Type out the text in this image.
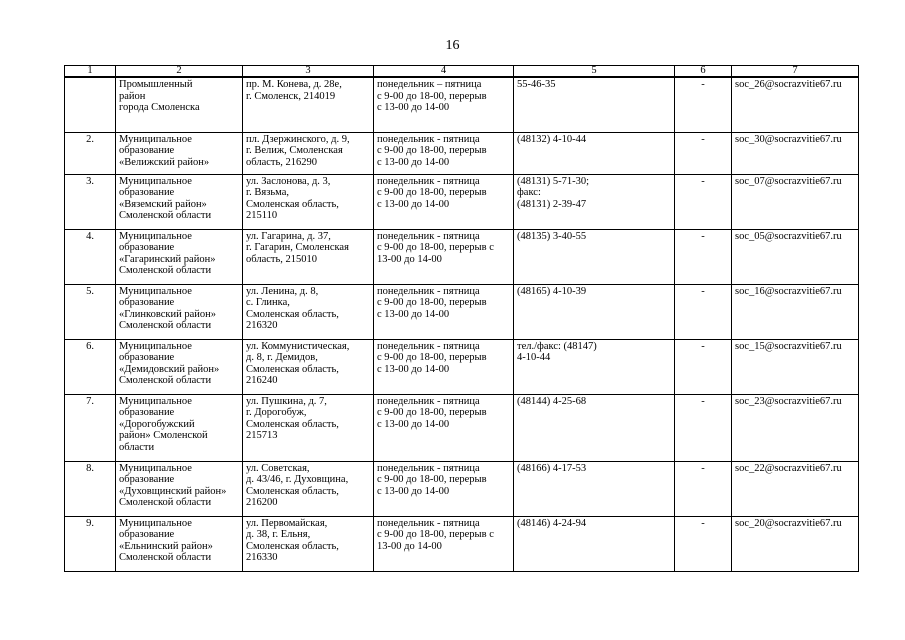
16
1	2	3	4	5	6	7
	Промышленный
район
города Смоленска	пр. М. Конева, д. 28е,
г. Смоленск, 214019	понедельник – пятница
с 9-00 до 18-00, перерыв
с 13-00 до 14-00	55-46-35	-	soc_26@socrazvitie67.ru
2.	Муниципальное
образование
«Велижский район»	пл. Дзержинского, д. 9,
г. Велиж, Смоленская
область, 216290	понедельник - пятница
с 9-00 до 18-00, перерыв
с 13-00 до 14-00	(48132) 4-10-44	-	soc_30@socrazvitie67.ru
3.	Муниципальное
образование
«Вяземский район»
Смоленской области	ул. Заслонова, д. 3,
г. Вязьма,
Смоленская область,
215110	понедельник - пятница
с 9-00 до 18-00, перерыв
с 13-00 до 14-00	(48131) 5-71-30;
факс:
(48131) 2-39-47	-	soc_07@socrazvitie67.ru
4.	Муниципальное
образование
«Гагаринский район»
Смоленской области	ул. Гагарина, д. 37,
г. Гагарин, Смоленская
область, 215010	понедельник - пятница
с 9-00 до 18-00, перерыв с
13-00 до 14-00	(48135) 3-40-55	-	soc_05@socrazvitie67.ru
5.	Муниципальное
образование
«Глинковский район»
Смоленской области	ул. Ленина, д. 8,
с. Глинка,
Смоленская область,
216320	понедельник - пятница
с 9-00 до 18-00, перерыв
с 13-00 до 14-00	(48165) 4-10-39	-	soc_16@socrazvitie67.ru
6.	Муниципальное
образование
«Демидовский район»
Смоленской области	ул. Коммунистическая,
д. 8, г. Демидов,
Смоленская область,
216240	понедельник - пятница
с 9-00 до 18-00, перерыв
с 13-00 до 14-00	тел./факс: (48147)
4-10-44	-	soc_15@socrazvitie67.ru
7.	Муниципальное
образование
«Дорогобужский
район» Смоленской
области	ул. Пушкина, д. 7,
г. Дорогобуж,
Смоленская область,
215713	понедельник - пятница
с 9-00 до 18-00, перерыв
с 13-00 до 14-00	(48144) 4-25-68	-	soc_23@socrazvitie67.ru
8.	Муниципальное
образование
«Духовщинский район»
Смоленской области	ул. Советская,
д. 43/46, г. Духовщина,
Смоленская область,
216200	понедельник - пятница
с 9-00 до 18-00, перерыв
с 13-00 до 14-00	(48166) 4-17-53	-	soc_22@socrazvitie67.ru
9.	Муниципальное
образование
«Ельнинский район»
Смоленской области	ул. Первомайская,
д. 38, г. Ельня,
Смоленская область,
216330	понедельник - пятница
с 9-00 до 18-00, перерыв с
13-00 до 14-00	(48146) 4-24-94	-	soc_20@socrazvitie67.ru
